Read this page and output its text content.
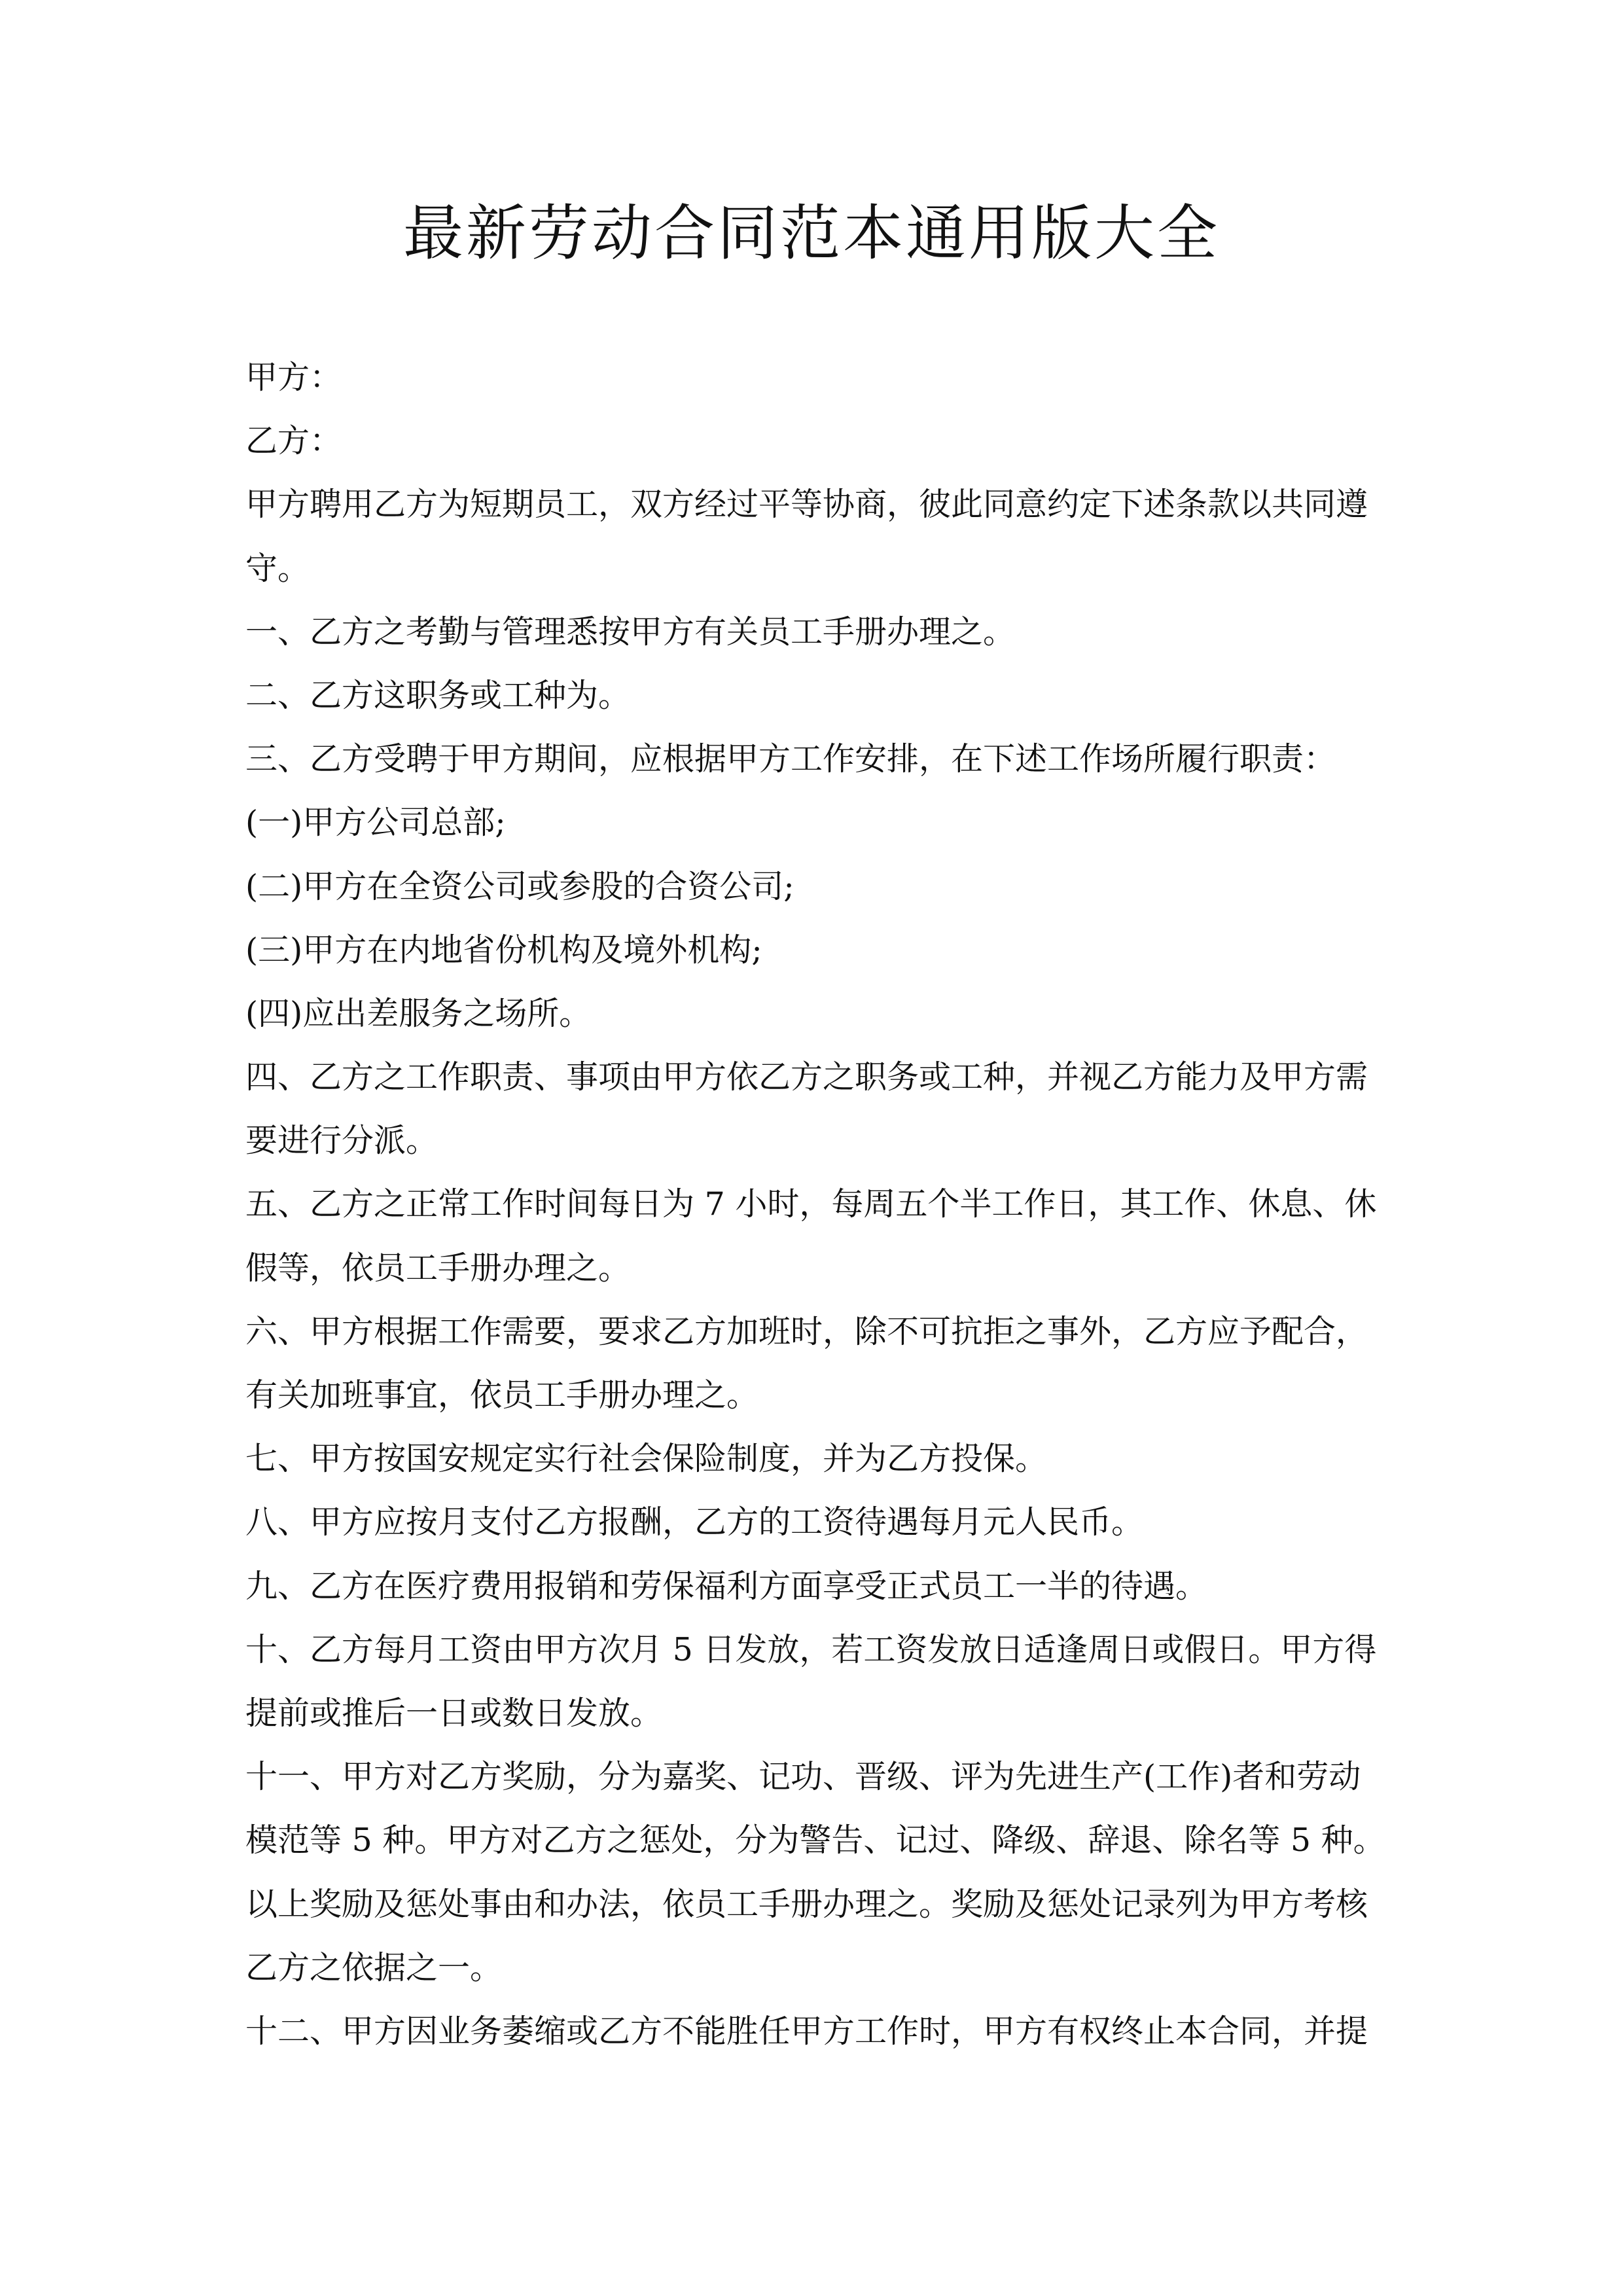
最新劳动合同范本通用版大全
甲方：
乙方：
甲方聘用乙方为短期员工，双方经过平等协商，彼此同意约定下述条款以共同遵
守。
一、乙方之考勤与管理悉按甲方有关员工手册办理之。
二、乙方这职务或工种为。
三、乙方受聘于甲方期间，应根据甲方工作安排，在下述工作场所履行职责：
(一)甲方公司总部;
(二)甲方在全资公司或参股的合资公司;
(三)甲方在内地省份机构及境外机构;
(四)应出差服务之场所。
四、乙方之工作职责、事项由甲方依乙方之职务或工种，并视乙方能力及甲方需
要进行分派。
五、乙方之正常工作时间每日为 7 小时，每周五个半工作日，其工作、休息、休
假等，依员工手册办理之。
六、甲方根据工作需要，要求乙方加班时，除不可抗拒之事外，乙方应予配合，
有关加班事宜，依员工手册办理之。
七、甲方按国安规定实行社会保险制度，并为乙方投保。
八、甲方应按月支付乙方报酬，乙方的工资待遇每月元人民币。
九、乙方在医疗费用报销和劳保福利方面享受正式员工一半的待遇。
十、乙方每月工资由甲方次月 5 日发放，若工资发放日适逢周日或假日。甲方得
提前或推后一日或数日发放。
十一、甲方对乙方奖励，分为嘉奖、记功、晋级、评为先进生产(工作)者和劳动
模范等 5 种。甲方对乙方之惩处，分为警告、记过、降级、辞退、除名等 5 种。
以上奖励及惩处事由和办法，依员工手册办理之。奖励及惩处记录列为甲方考核
乙方之依据之一。
十二、甲方因业务萎缩或乙方不能胜任甲方工作时，甲方有权终止本合同，并提
